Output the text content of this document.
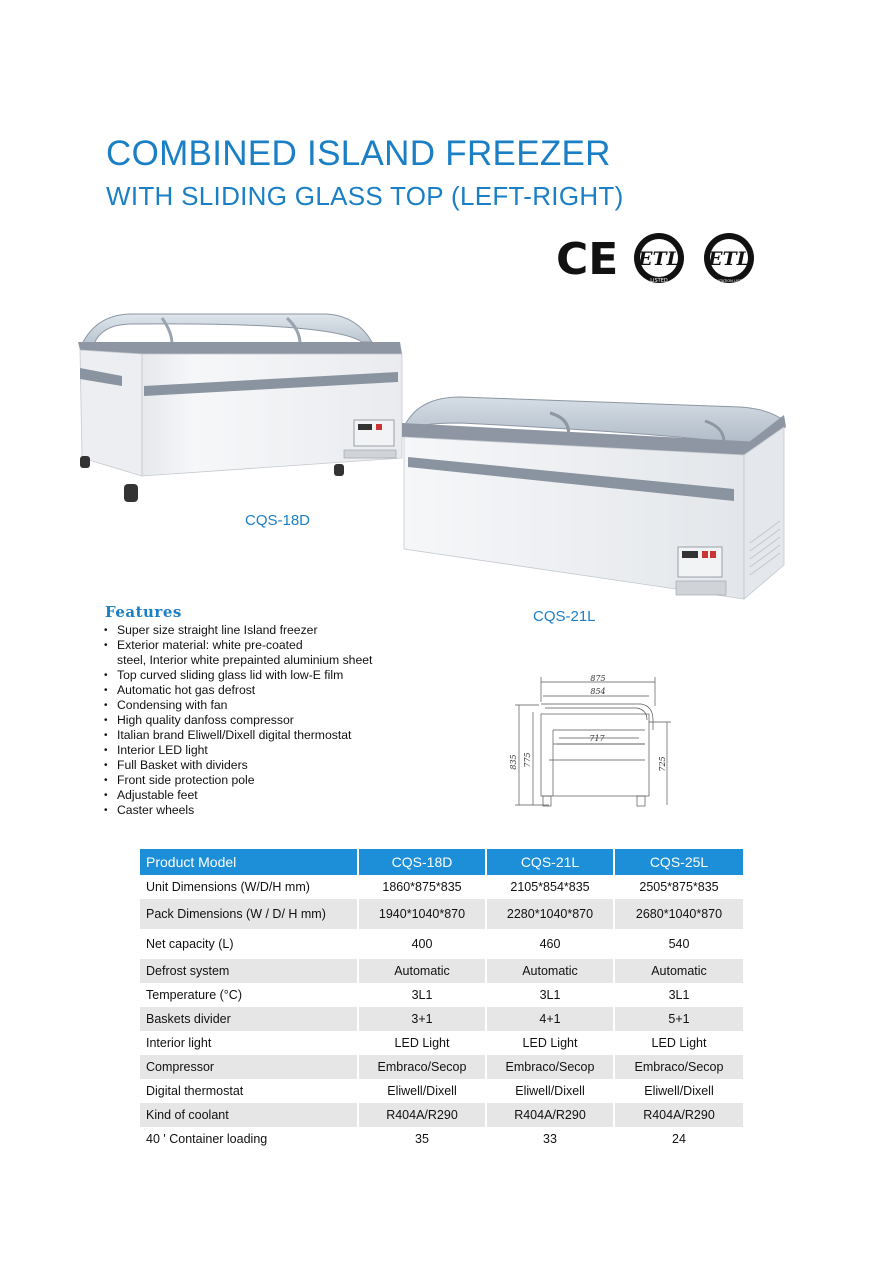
COMBINED ISLAND FREEZER
WITH SLIDING GLASS TOP (LEFT-RIGHT)
CE ETL
LISTED
ETL
SANITATION LISTED
CQS-18D
CQS-21L
Features
• Super size straight line Island freezer
• Exterior material: white pre-coated
steel, Interior white prepainted aluminium sheet
• Top curved sliding glass lid with low-E film
• Automatic hot gas defrost
• Condensing with fan
• High quality danfoss compressor
• Italian brand Eliwell/Dixell digital thermostat
• Interior LED light
• Full Basket with dividers
• Front side protection pole
• Adjustable feet
• Caster wheels
875
854
717
835 775	725
Product Model	CQS-18D	CQS-21L	CQS-25L
Unit Dimensions (W/D/H mm)	1860*875*835	2105*854*835	2505*875*835
Pack Dimensions (W / D/ H mm)	1940*1040*870	2280*1040*870	2680*1040*870
Net capacity (L)	400	460	540
Defrost system	Automatic	Automatic	Automatic
Temperature (°C)	3L1	3L1	3L1
Baskets divider	3+1	4+1	5+1
Interior light	LED Light	LED Light	LED Light
Compressor	Embraco/Secop	Embraco/Secop	Embraco/Secop
Digital thermostat	Eliwell/Dixell	Eliwell/Dixell	Eliwell/Dixell
Kind of coolant	R404A/R290	R404A/R290	R404A/R290
40 ' Container loading	35	33	24
